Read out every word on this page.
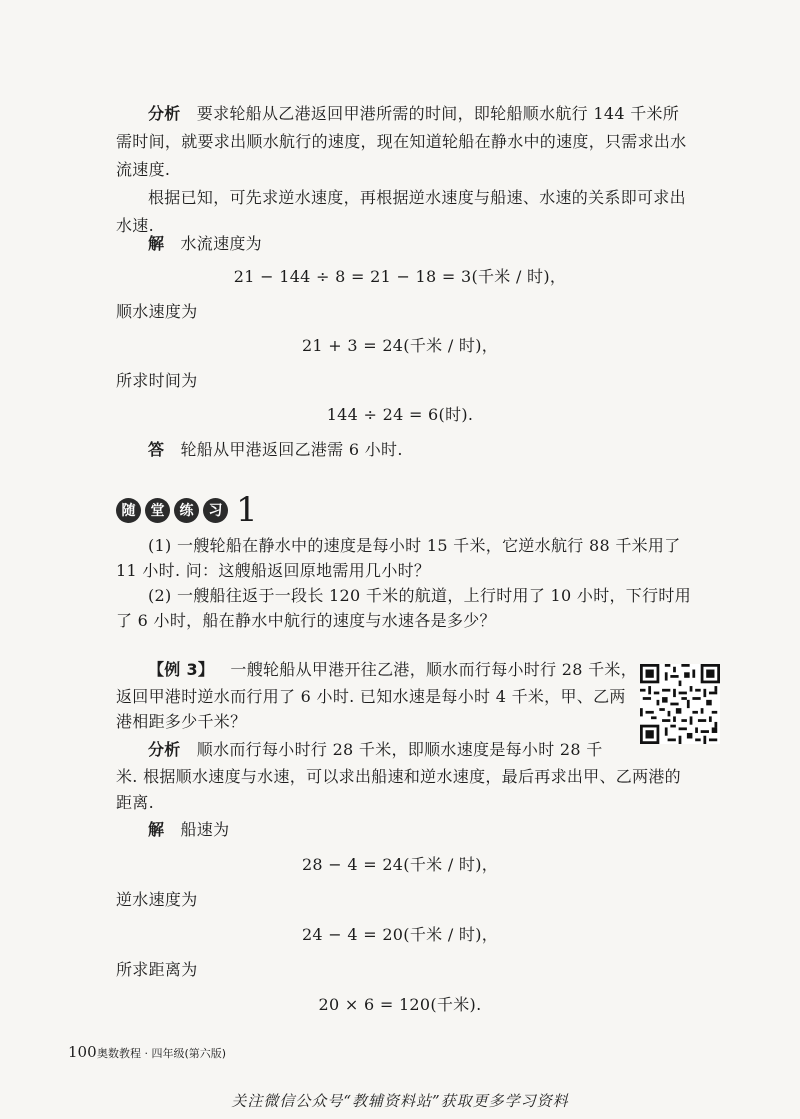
分析 要求轮船从乙港返回甲港所需的时间，即轮船顺水航行 144 千米所
需时间，就要求出顺水航行的速度，现在知道轮船在静水中的速度，只需求出水
流速度.
根据已知，可先求逆水速度，再根据逆水速度与船速、水速的关系即可求出
水速.
解 水流速度为
21 − 144 ÷ 8 = 21 − 18 = 3(千米 / 时)，
顺水速度为
21 + 3 = 24(千米 / 时)，
所求时间为
144 ÷ 24 = 6(时).
答 轮船从甲港返回乙港需 6 小时.
随	堂	练	习 1
(1) 一艘轮船在静水中的速度是每小时 15 千米，它逆水航行 88 千米用了
11 小时. 问：这艘船返回原地需用几小时？
(2) 一艘船往返于一段长 120 千米的航道，上行时用了 10 小时，下行时用
了 6 小时，船在静水中航行的速度与水速各是多少？
【例 3】 一艘轮船从甲港开往乙港，顺水而行每小时行 28 千米，
返回甲港时逆水而行用了 6 小时. 已知水速是每小时 4 千米，甲、乙两
港相距多少千米？
分析 顺水而行每小时行 28 千米，即顺水速度是每小时 28 千
米. 根据顺水速度与水速，可以求出船速和逆水速度，最后再求出甲、乙两港的
距离.
解 船速为
28 − 4 = 24(千米 / 时)，
逆水速度为
24 − 4 = 20(千米 / 时)，
所求距离为
20 × 6 = 120(千米).
100 奥数教程 · 四年级(第六版)
关注微信公众号“教辅资料站”获取更多学习资料
